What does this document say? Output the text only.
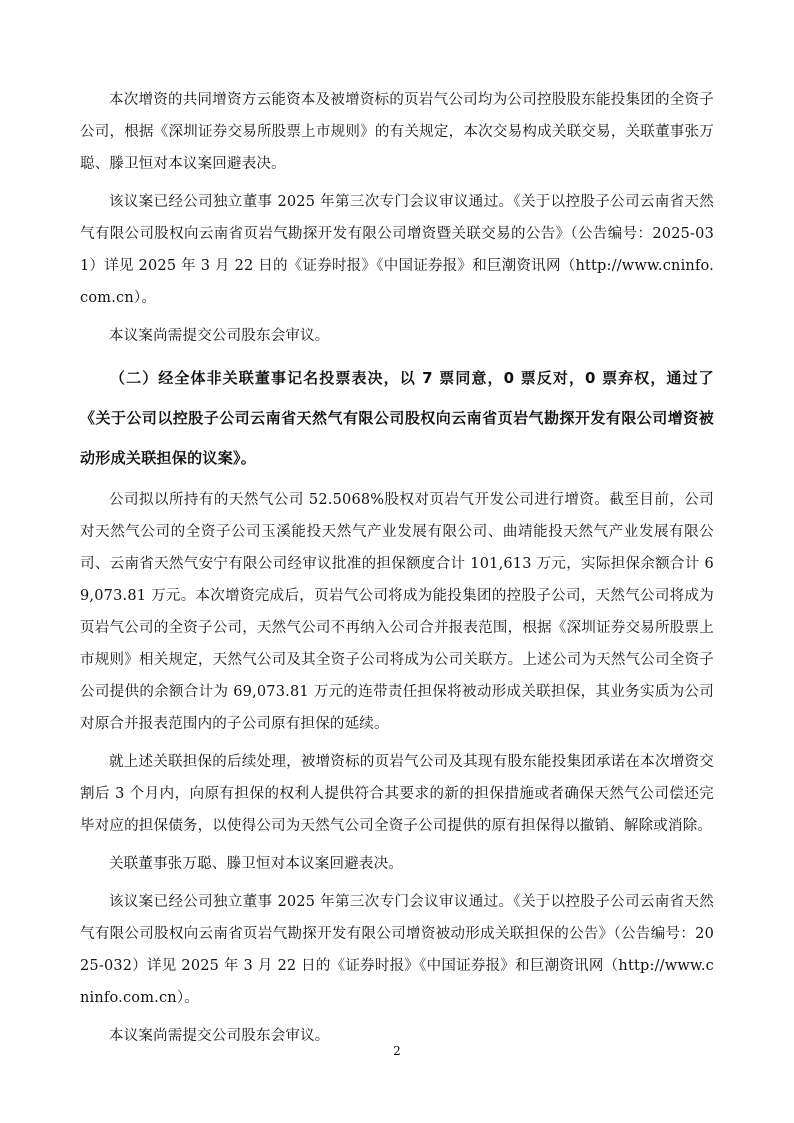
本次增资的共同增资方云能资本及被增资标的页岩气公司均为公司控股股东能投集团的全资子公司，根据《深圳证券交易所股票上市规则》的有关规定，本次交易构成关联交易，关联董事张万聪、滕卫恒对本议案回避表决。

该议案已经公司独立董事 2025 年第三次专门会议审议通过。《关于以控股子公司云南省天然气有限公司股权向云南省页岩气勘探开发有限公司增资暨关联交易的公告》（公告编号：2025-031）详见 2025 年 3 月 22 日的《证券时报》《中国证券报》和巨潮资讯网（http://www.cninfo.com.cn）。

本议案尚需提交公司股东会审议。

（二）经全体非关联董事记名投票表决，以 7 票同意，0 票反对，0 票弃权，通过了《关于公司以控股子公司云南省天然气有限公司股权向云南省页岩气勘探开发有限公司增资被动形成关联担保的议案》。

公司拟以所持有的天然气公司 52.5068%股权对页岩气开发公司进行增资。截至目前，公司对天然气公司的全资子公司玉溪能投天然气产业发展有限公司、曲靖能投天然气产业发展有限公司、云南省天然气安宁有限公司经审议批准的担保额度合计 101,613 万元，实际担保余额合计 69,073.81 万元。本次增资完成后，页岩气公司将成为能投集团的控股子公司，天然气公司将成为页岩气公司的全资子公司，天然气公司不再纳入公司合并报表范围，根据《深圳证券交易所股票上市规则》相关规定，天然气公司及其全资子公司将成为公司关联方。上述公司为天然气公司全资子公司提供的余额合计为 69,073.81 万元的连带责任担保将被动形成关联担保，其业务实质为公司对原合并报表范围内的子公司原有担保的延续。

就上述关联担保的后续处理，被增资标的页岩气公司及其现有股东能投集团承诺在本次增资交割后 3 个月内，向原有担保的权利人提供符合其要求的新的担保措施或者确保天然气公司偿还完毕对应的担保债务，以使得公司为天然气公司全资子公司提供的原有担保得以撤销、解除或消除。

关联董事张万聪、滕卫恒对本议案回避表决。

该议案已经公司独立董事 2025 年第三次专门会议审议通过。《关于以控股子公司云南省天然气有限公司股权向云南省页岩气勘探开发有限公司增资被动形成关联担保的公告》（公告编号：2025-032）详见 2025 年 3 月 22 日的《证券时报》《中国证券报》和巨潮资讯网（http://www.cninfo.com.cn）。

本议案尚需提交公司股东会审议。

2
